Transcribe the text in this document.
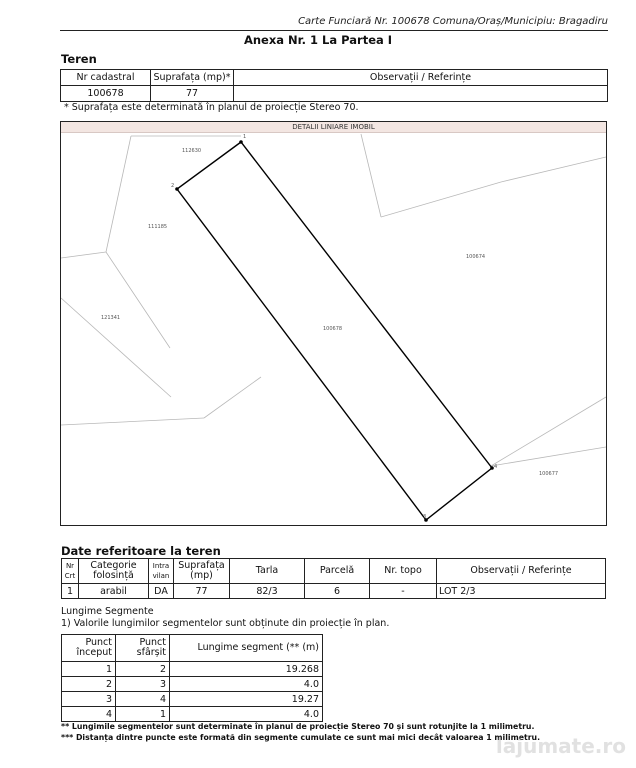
Carte Funciară Nr. 100678 Comuna/Oraș/Municipiu: Bragadiru
Anexa Nr. 1 La Partea I
Teren
Nr cadastral	Suprafața (mp)*	Observații / Referințe
100678	77	
* Suprafața este determinată în planul de proiecție Stereo 70.
DETALII LINIARE IMOBIL
1
2
3
4
112630
111185
100674
121341
100677
100678
Date referitoare la teren
Nr Crt	Categorie folosință	Intra vilan	Suprafața (mp)	Tarla	Parcelă	Nr. topo	Observații / Referințe
1	arabil	DA	77	82/3	6	-	LOT 2/3
Lungime Segmente
1) Valorile lungimilor segmentelor sunt obținute din proiecție în plan.
Punct început	Punct sfârșit	Lungime segment (** (m)
1	2	19.268
2	3	4.0
3	4	19.27
4	1	4.0
** Lungimile segmentelor sunt determinate în planul de proiecție Stereo 70 și sunt rotunjite la 1 milimetru.
*** Distanța dintre puncte este formată din segmente cumulate ce sunt mai mici decât valoarea 1 milimetru.
lajumate.ro
